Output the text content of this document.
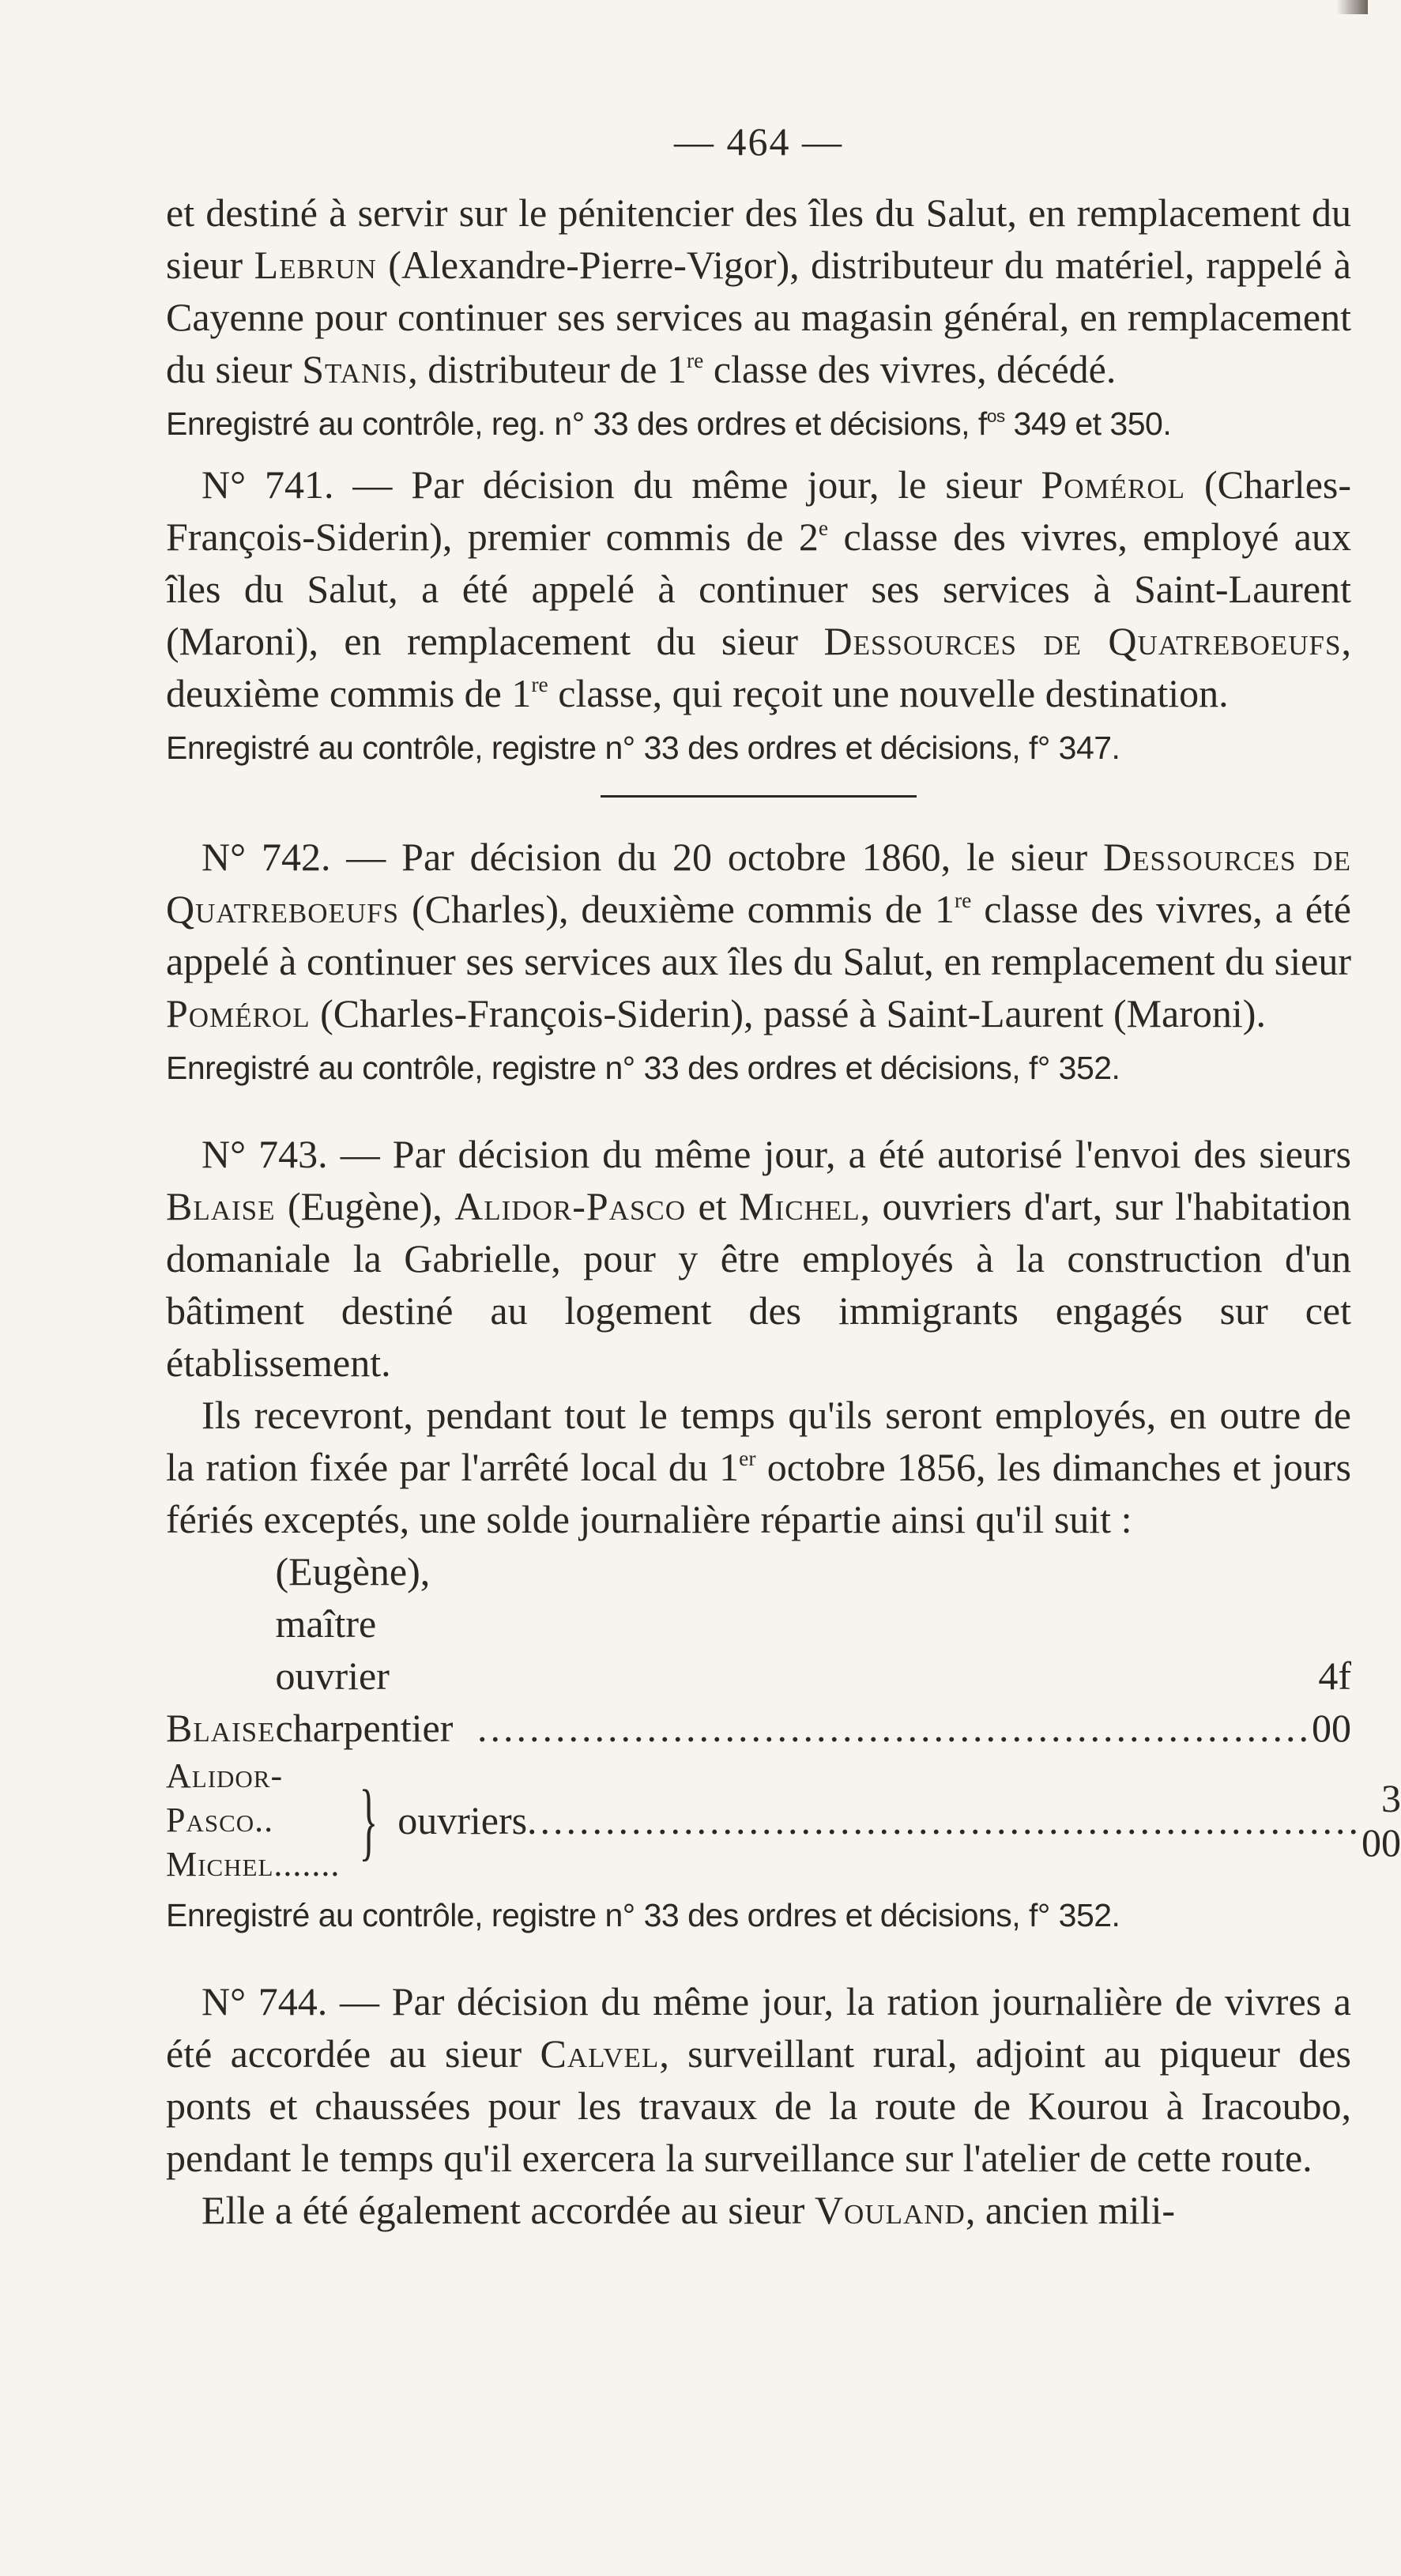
— 464 —

et destiné à servir sur le pénitencier des îles du Salut, en remplacement du sieur Lebrun (Alexandre-Pierre-Vigor), distributeur du matériel, rappelé à Cayenne pour continuer ses services au magasin général, en remplacement du sieur Stanis, distributeur de 1re classe des vivres, décédé.

Enregistré au contrôle, reg. n° 33 des ordres et décisions, $f^{os}$ 349 et 350.

N° 741. — Par décision du même jour, le sieur Pomérol (Charles-François-Siderin), premier commis de 2e classe des vivres, employé aux îles du Salut, a été appelé à continuer ses services à Saint-Laurent (Maroni), en remplacement du sieur Dessources de Quatreboeufs, deuxième commis de 1re classe, qui reçoit une nouvelle destination.

Enregistré au contrôle, registre n° 33 des ordres et décisions, f° 347.

N° 742. — Par décision du 20 octobre 1860, le sieur Dessources de Quatreboeufs (Charles), deuxième commis de 1re classe des vivres, a été appelé à continuer ses services aux îles du Salut, en remplacement du sieur Pomérol (Charles-François-Siderin), passé à Saint-Laurent (Maroni).

Enregistré au contrôle, registre n° 33 des ordres et décisions, f° 352.

N° 743. — Par décision du même jour, a été autorisé l'envoi des sieurs Blaise (Eugène), Alidor-Pasco et Michel, ouvriers d'art, sur l'habitation domaniale la Gabrielle, pour y être employés à la construction d'un bâtiment destiné au logement des immigrants engagés sur cet établissement.

Ils recevront, pendant tout le temps qu'ils seront employés, en outre de la ration fixée par l'arrêté local du 1er octobre 1856, les dimanches et jours fériés exceptés, une solde journalière répartie ainsi qu'il suit :

Blaise
(Eugène), maître ouvrier charpentier ................................................................
4f 00
Alidor-Pasco..
Michel....... } ouvriers ................................................................ 3 00

Enregistré au contrôle, registre n° 33 des ordres et décisions, f° 352.

N° 744. — Par décision du même jour, la ration journalière de vivres a été accordée au sieur Calvel, surveillant rural, adjoint au piqueur des ponts et chaussées pour les travaux de la route de Kourou à Iracoubo, pendant le temps qu'il exercera la surveillance sur l'atelier de cette route.

Elle a été également accordée au sieur Vouland, ancien mili-
